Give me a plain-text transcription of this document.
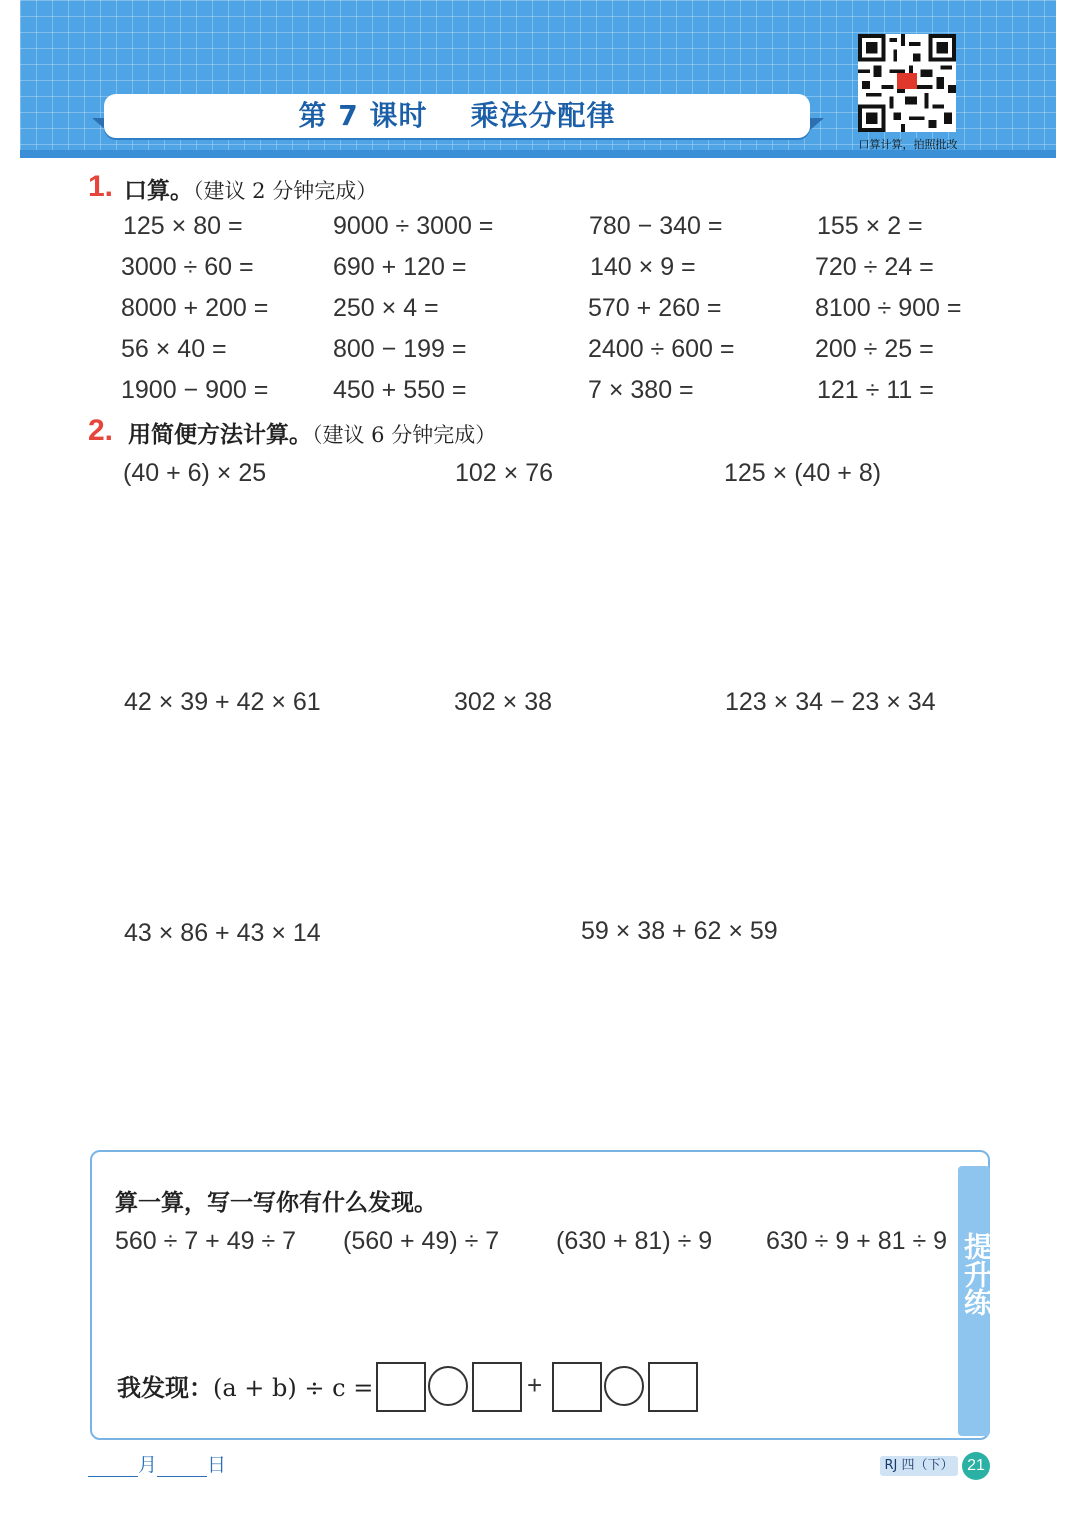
第 7 课时    乘法分配律
口算计算，拍照批改
1. 口算。（建议 2 分钟完成）
125 × 80 =	9000 ÷ 3000 =	780 − 340 =	155 × 2 =
3000 ÷ 60 =	690 + 120 =	140 × 9 =	720 ÷ 24 =
8000 + 200 =	250 × 4 =	570 + 260 =	8100 ÷ 900 =
56 × 40 =	800 − 199 =	2400 ÷ 600 =	200 ÷ 25 =
1900 − 900 =	450 + 550 =	7 × 380 =	121 ÷ 11 =
2. 用简便方法计算。（建议 6 分钟完成）
(40 + 6) × 25	102 × 76	125 × (40 + 8)
42 × 39 + 42 × 61	302 × 38	123 × 34 − 23 × 34
43 × 86 + 43 × 14	59 × 38 + 62 × 59
提升练
算一算，写一写你有什么发现。
560 ÷ 7 + 49 ÷ 7 (560 + 49) ÷ 7 (630 + 81) ÷ 9 630 ÷ 9 + 81 ÷ 9
我发现：(a + b) ÷ c =	+
月	日	RJ 四（下） 21
